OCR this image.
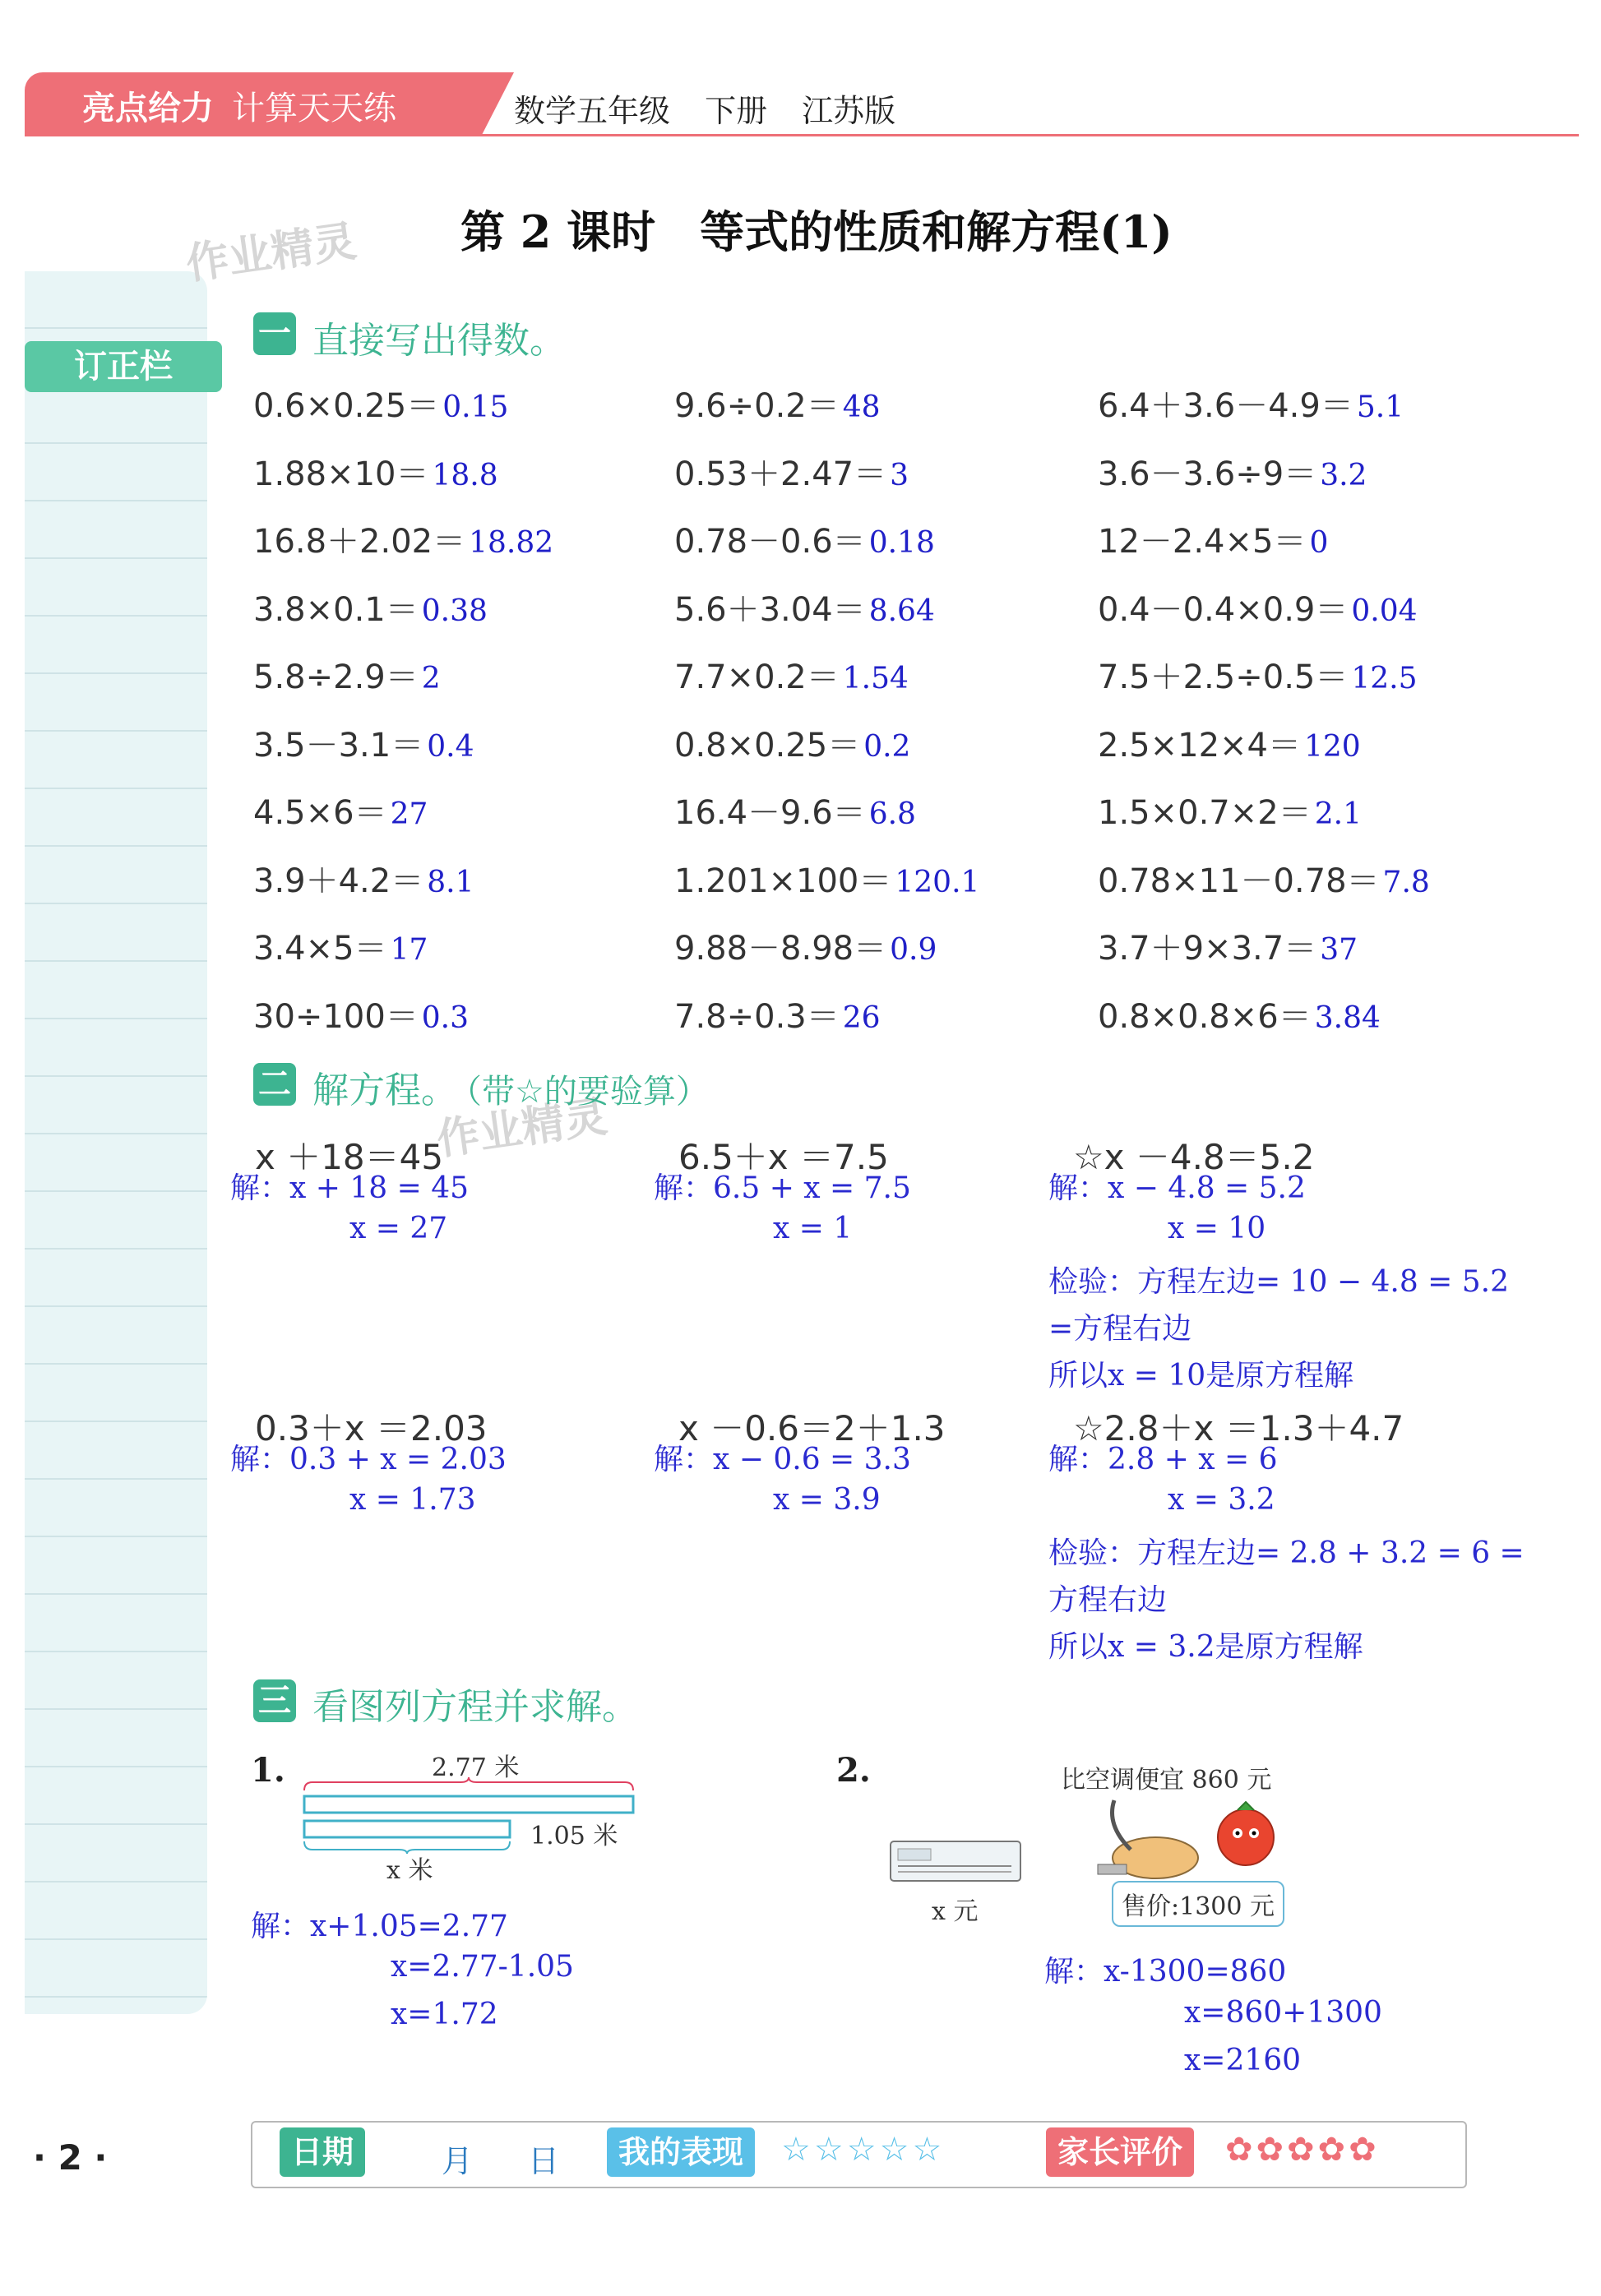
亮点给力 计算天天练	数学五年级 下册 江苏版
订正栏
作业精灵
作业精灵
第 2 课时　等式的性质和解方程(1)
一 直接写出得数。
0.6×0.25＝ 0.15	9.6÷0.2＝ 48	6.4＋3.6－4.9＝ 5.1
1.88×10＝ 18.8	0.53＋2.47＝ 3	3.6－3.6÷9＝ 3.2
16.8＋2.02＝ 18.82	0.78－0.6＝ 0.18	12－2.4×5＝ 0
3.8×0.1＝ 0.38	5.6＋3.04＝ 8.64	0.4－0.4×0.9＝ 0.04
5.8÷2.9＝ 2	7.7×0.2＝ 1.54	7.5＋2.5÷0.5＝ 12.5
3.5－3.1＝ 0.4	0.8×0.25＝ 0.2	2.5×12×4＝ 120
4.5×6＝ 27	16.4－9.6＝ 6.8	1.5×0.7×2＝ 2.1
3.9＋4.2＝ 8.1	1.201×100＝ 120.1	0.78×11－0.78＝ 7.8
3.4×5＝ 17	9.88－8.98＝ 0.9	3.7＋9×3.7＝ 37
30÷100＝ 0.3	7.8÷0.3＝ 26	0.8×0.8×6＝ 3.84
二 解方程。 （带☆的要验算）
x ＋18＝45
解：x + 18 = 45
x = 27
6.5＋x ＝7.5
解：6.5 + x = 7.5
x = 1
☆x －4.8＝5.2
解：x − 4.8 = 5.2
x = 10
检验：方程左边= 10 − 4.8 = 5.2
=方程右边
所以x = 10是原方程解
0.3＋x ＝2.03
解：0.3 + x = 2.03
x = 1.73
x －0.6＝2＋1.3
解：x − 0.6 = 3.3
x = 3.9
☆2.8＋x ＝1.3＋4.7
解：2.8 + x = 6
x = 3.2
检验：方程左边= 2.8 + 3.2 = 6 =
方程右边
所以x = 3.2是原方程解
三 看图列方程并求解。
1.	2.77 米
1.05 米
x 米
解：x+1.05=2.77
x=2.77-1.05
x=1.72
2.	比空调便宜 860 元
x 元	售价:1300 元
解：x-1300=860
x=860+1300
x=2160
· 2 ·	日期	月 日	我的表现	☆☆☆☆☆	家长评价	✿✿✿✿✿
